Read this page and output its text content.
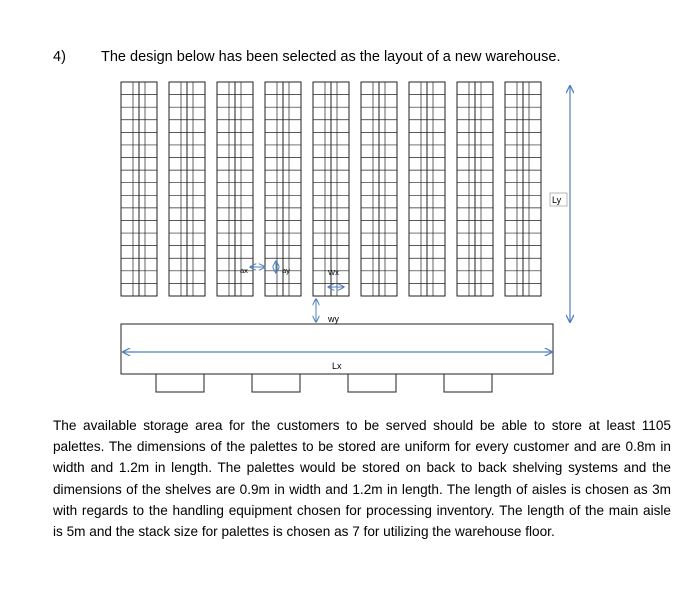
4) The design below has been selected as the layout of a new warehouse.
Ly
Lx
ax	ay	Wx
wy
The available storage area for the customers to be served should be able to store at least 1105
palettes. The dimensions of the palettes to be stored are uniform for every customer and are 0.8m in
width and 1.2m in length. The palettes would be stored on back to back shelving systems and the
dimensions of the shelves are 0.9m in width and 1.2m in length. The length of aisles is chosen as 3m
with regards to the handling equipment chosen for processing inventory. The length of the main aisle
is 5m and the stack size for palettes is chosen as 7 for utilizing the warehouse floor.
